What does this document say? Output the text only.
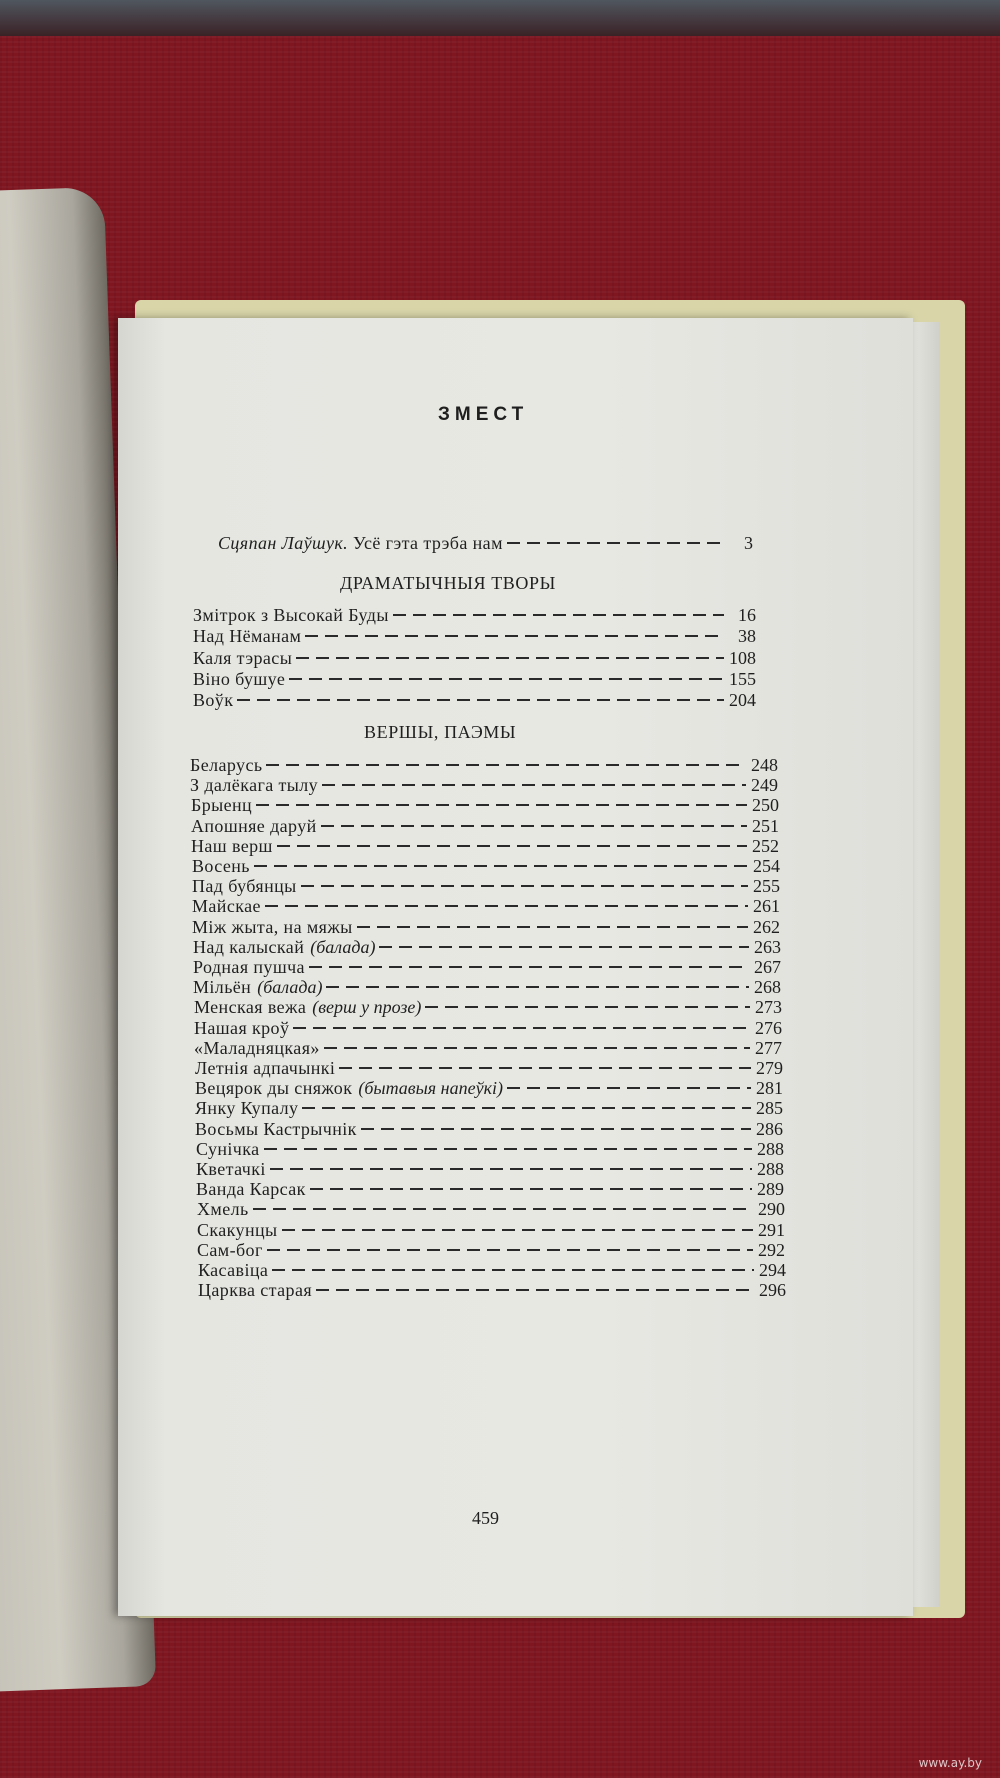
ЗМЕСТ
Сцяпан Лаўшук. Усё гэта трэба нам	3
ДРАМАТЫЧНЫЯ ТВОРЫ
Змітрок з Высокай Буды	16
Над Нёманам	38
Каля тэрасы	108
Віно бушуе	155
Воўк	204
ВЕРШЫ, ПАЭМЫ
Беларусь	248
З далёкага тылу	249
Брыенц	250
Апошняе даруй	251
Наш верш	252
Восень	254
Пад бубянцы	255
Майскае	261
Між жыта, на мяжы	262
Над калыскай (балада)	263
Родная пушча	267
Мільён (балада)	268
Менская вежа (верш у прозе)	273
Нашая кроў	276
«Маладняцкая»	277
Летнія адпачынкі	279
Вецярок ды сняжок (бытавыя напеўкі)	281
Янку Купалу	285
Восьмы Кастрычнік	286
Сунічка	288
Кветачкі	288
Ванда Карсак	289
Хмель	290
Скакунцы	291
Сам-бог	292
Касавіца	294
Царква старая	296
459
www.ay.by
